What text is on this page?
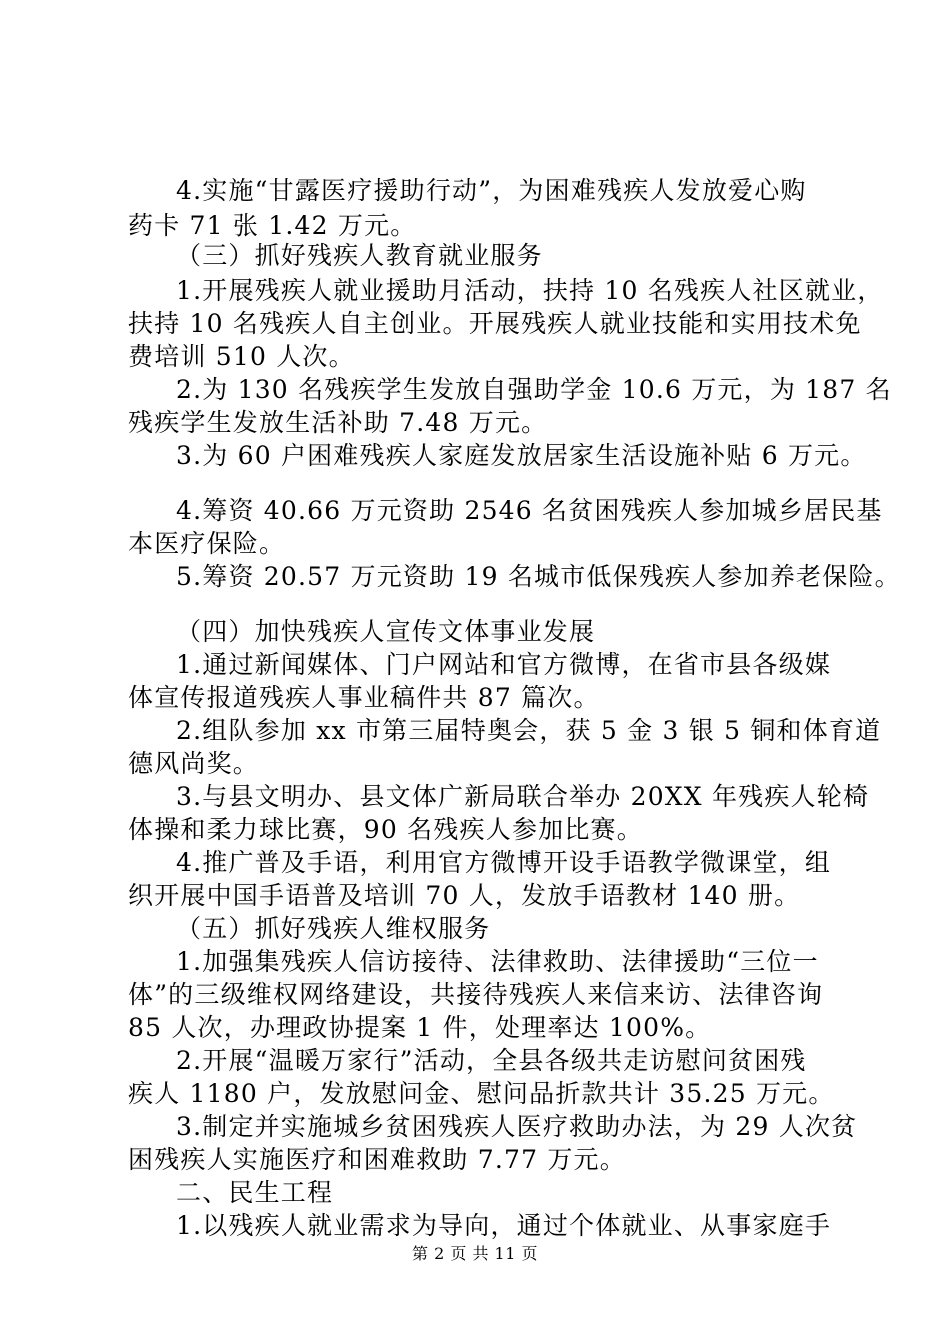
4.实施“甘露医疗援助行动”，为困难残疾人发放爱心购
药卡 71 张 1.42 万元。
（三）抓好残疾人教育就业服务
1.开展残疾人就业援助月活动，扶持 10 名残疾人社区就业，
扶持 10 名残疾人自主创业。开展残疾人就业技能和实用技术免
费培训 510 人次。
2.为 130 名残疾学生发放自强助学金 10.6 万元，为 187 名
残疾学生发放生活补助 7.48 万元。
3.为 60 户困难残疾人家庭发放居家生活设施补贴 6 万元。
4.筹资 40.66 万元资助 2546 名贫困残疾人参加城乡居民基
本医疗保险。
5.筹资 20.57 万元资助 19 名城市低保残疾人参加养老保险。
（四）加快残疾人宣传文体事业发展
1.通过新闻媒体、门户网站和官方微博，在省市县各级媒
体宣传报道残疾人事业稿件共 87 篇次。
2.组队参加 xx 市第三届特奥会，获 5 金 3 银 5 铜和体育道
德风尚奖。
3.与县文明办、县文体广新局联合举办 20XX 年残疾人轮椅
体操和柔力球比赛，90 名残疾人参加比赛。
4.推广普及手语，利用官方微博开设手语教学微课堂，组
织开展中国手语普及培训 70 人，发放手语教材 140 册。
（五）抓好残疾人维权服务
1.加强集残疾人信访接待、法律救助、法律援助“三位一
体”的三级维权网络建设，共接待残疾人来信来访、法律咨询
85 人次，办理政协提案 1 件，处理率达 100%。
2.开展“温暖万家行”活动，全县各级共走访慰问贫困残
疾人 1180 户，发放慰问金、慰问品折款共计 35.25 万元。
3.制定并实施城乡贫困残疾人医疗救助办法，为 29 人次贫
困残疾人实施医疗和困难救助 7.77 万元。
二、民生工程
1.以残疾人就业需求为导向，通过个体就业、从事家庭手
第 2 页 共 11 页
